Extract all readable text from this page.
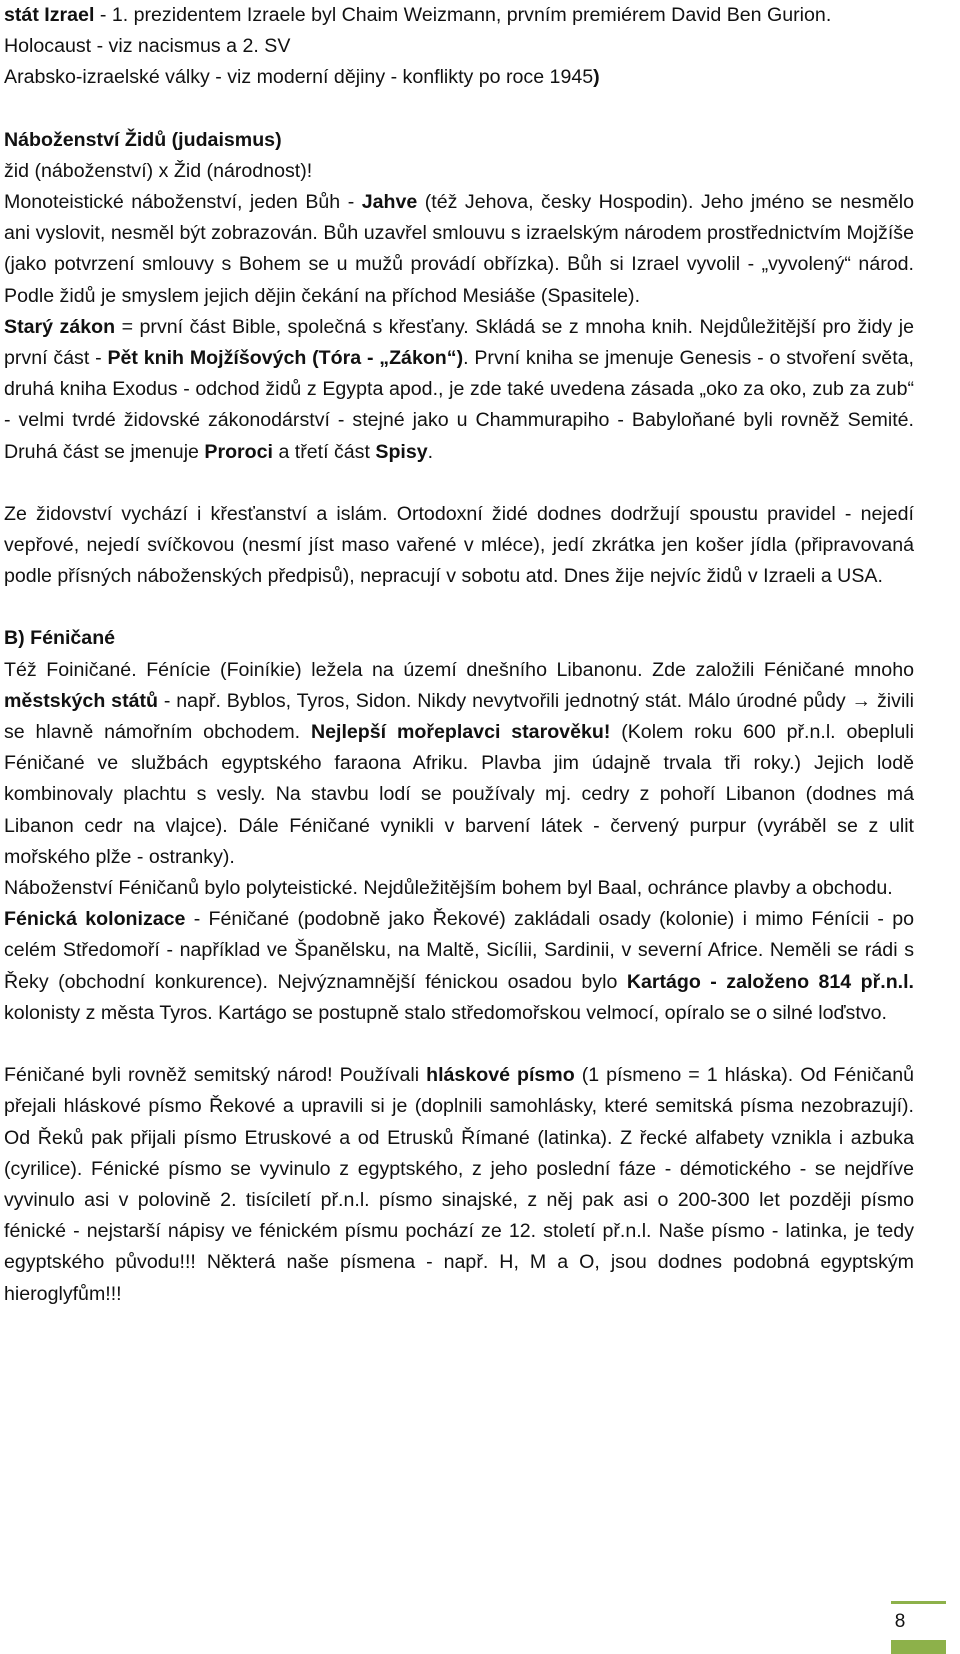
stát Izrael - 1. prezidentem Izraele byl Chaim Weizmann, prvním premiérem David Ben Gurion.

Holocaust - viz nacismus a 2. SV

Arabsko-izraelské války - viz moderní dějiny - konflikty po roce 1945)

Náboženství Židů (judaismus)

žid (náboženství) x Žid (národnost)!

Monoteistické náboženství, jeden Bůh - Jahve (též Jehova, česky Hospodin). Jeho jméno se nesmělo ani vyslovit, nesměl být zobrazován. Bůh uzavřel smlouvu s izraelským národem prostřednictvím Mojžíše (jako potvrzení smlouvy s Bohem se u mužů provádí obřízka). Bůh si Izrael vyvolil - „vyvolený“ národ. Podle židů je smyslem jejich dějin čekání na příchod Mesiáše (Spasitele).

Starý zákon = první část Bible, společná s křesťany. Skládá se z mnoha knih. Nejdůležitější pro židy je první část - Pět knih Mojžíšových (Tóra - „Zákon“). První kniha se jmenuje Genesis - o stvoření světa, druhá kniha Exodus - odchod židů z Egypta apod., je zde také uvedena zásada „oko za oko, zub za zub“ - velmi tvrdé židovské zákonodárství - stejné jako u Chammurapiho - Babyloňané byli rovněž Semité. Druhá část se jmenuje Proroci a třetí část Spisy.

Ze židovství vychází i křesťanství a islám. Ortodoxní židé dodnes dodržují spoustu pravidel - nejedí vepřové, nejedí svíčkovou (nesmí jíst maso vařené v mléce), jedí zkrátka jen košer jídla (připravovaná podle přísných náboženských předpisů), nepracují v sobotu atd. Dnes žije nejvíc židů v Izraeli a USA.

B) Féničané

Též Foiničané. Fénície (Foiníkie) ležela na území dnešního Libanonu. Zde založili Féničané mnoho městských států - např. Byblos, Tyros, Sidon. Nikdy nevytvořili jednotný stát. Málo úrodné půdy → živili se hlavně námořním obchodem. Nejlepší mořeplavci starověku! (Kolem roku 600 př.n.l. obepluli Féničané ve službách egyptského faraona Afriku. Plavba jim údajně trvala tři roky.) Jejich lodě kombinovaly plachtu s vesly. Na stavbu lodí se používaly mj. cedry z pohoří Libanon (dodnes má Libanon cedr na vlajce). Dále Féničané vynikli v barvení látek - červený purpur (vyráběl se z ulit mořského plže - ostranky).

Náboženství Féničanů bylo polyteistické. Nejdůležitějším bohem byl Baal, ochránce plavby a obchodu.

Fénická kolonizace - Féničané (podobně jako Řekové) zakládali osady (kolonie) i mimo Fénícii - po celém Středomoří - například ve Španělsku, na Maltě, Sicílii, Sardinii, v severní Africe. Neměli se rádi s Řeky (obchodní konkurence). Nejvýznamnější fénickou osadou bylo Kartágo - založeno 814 př.n.l. kolonisty z města Tyros. Kartágo se postupně stalo středomořskou velmocí, opíralo se o silné loďstvo.

Féničané byli rovněž semitský národ! Používali hláskové písmo (1 písmeno = 1 hláska). Od Féničanů přejali hláskové písmo Řekové a upravili si je (doplnili samohlásky, které semitská písma nezobrazují). Od Řeků pak přijali písmo Etruskové a od Etrusků Římané (latinka). Z řecké alfabety vznikla i azbuka (cyrilice). Fénické písmo se vyvinulo z egyptského, z jeho poslední fáze - démotického - se nejdříve vyvinulo asi v polovině 2. tisíciletí př.n.l. písmo sinajské, z něj pak asi o 200-300 let později písmo fénické - nejstarší nápisy ve fénickém písmu pochází ze 12. století př.n.l. Naše písmo - latinka, je tedy egyptského původu!!! Některá naše písmena - např. H, M a O, jsou dodnes podobná egyptským hieroglyfům!!!

8
